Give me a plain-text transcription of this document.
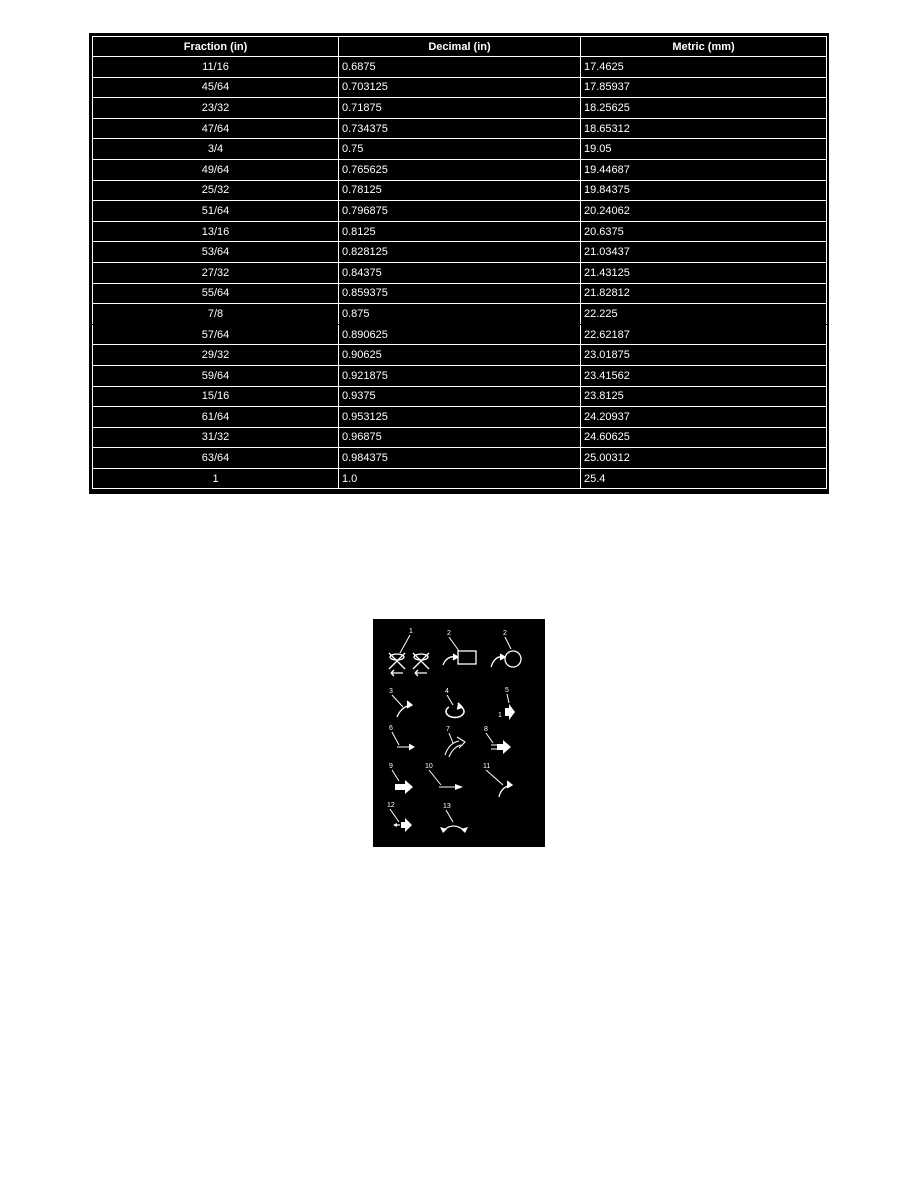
Fraction (in)	Decimal (in)	Metric (mm)
11/16	0.6875	17.4625
45/64	0.703125	17.85937
23/32	0.71875	18.25625
47/64	0.734375	18.65312
3/4	0.75	19.05
49/64	0.765625	19.44687
25/32	0.78125	19.84375
51/64	0.796875	20.24062
13/16	0.8125	20.6375
53/64	0.828125	21.03437
27/32	0.84375	21.43125
55/64	0.859375	21.82812
7/8	0.875	22.225
57/64	0.890625	22.62187
29/32	0.90625	23.01875
59/64	0.921875	23.41562
15/16	0.9375	23.8125
61/64	0.953125	24.20937
31/32	0.96875	24.60625
63/64	0.984375	25.00312
1	1.0	25.4
1	2	2
3	4	5
6	7	8
9	10	11
12	13
1
